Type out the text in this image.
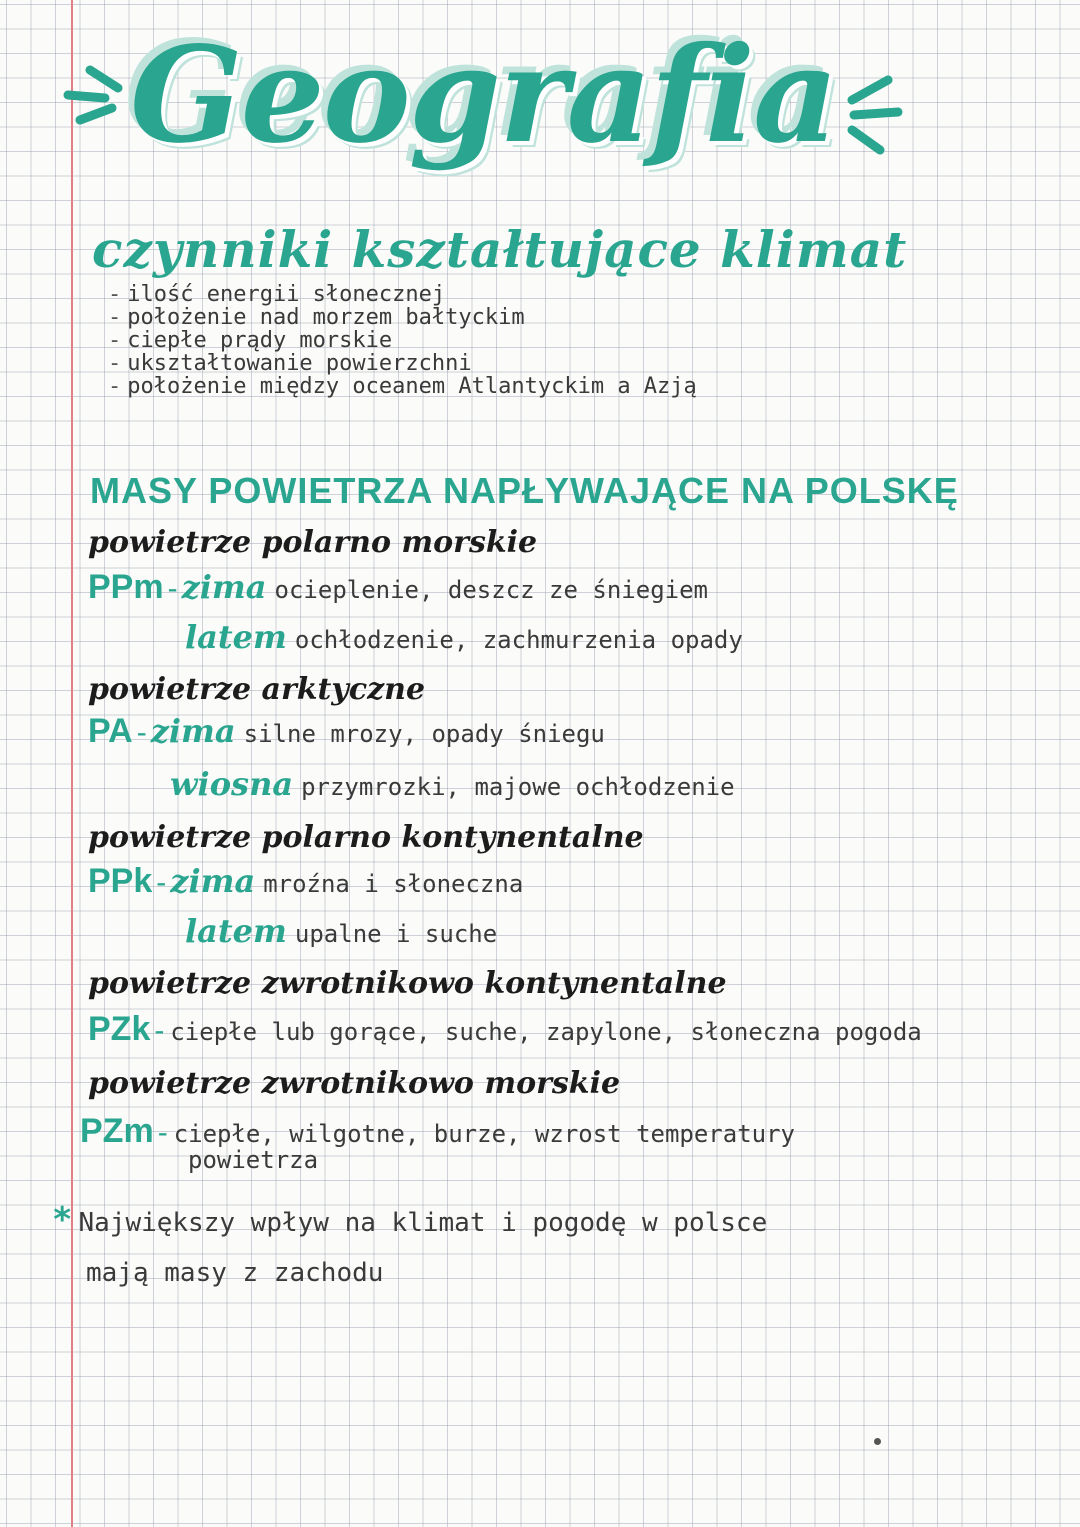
Geografia
czynniki kształtujące klimat
- ilość energii słonecznej
- położenie nad morzem bałtyckim
- ciepłe prądy morskie
- ukształtowanie powierzchni
- położenie między oceanem Atlantyckim a Azją
MASY POWIETRZA NAPŁYWAJĄCE NA POLSKĘ
powietrze polarno morskie
PPm - zima ocieplenie, deszcz ze śniegiem
latem ochłodzenie, zachmurzenia opady
powietrze arktyczne
PA - zima silne mrozy, opady śniegu
wiosna przymrozki, majowe ochłodzenie
powietrze polarno kontynentalne
PPk - zima mroźna i słoneczna
latem upalne i suche
powietrze zwrotnikowo kontynentalne
PZk - ciepłe lub gorące, suche, zapylone, słoneczna pogoda
powietrze zwrotnikowo morskie
PZm - ciepłe, wilgotne, burze, wzrost temperatury
powietrza
* Największy wpływ na klimat i pogodę w polsce
mają masy z zachodu
